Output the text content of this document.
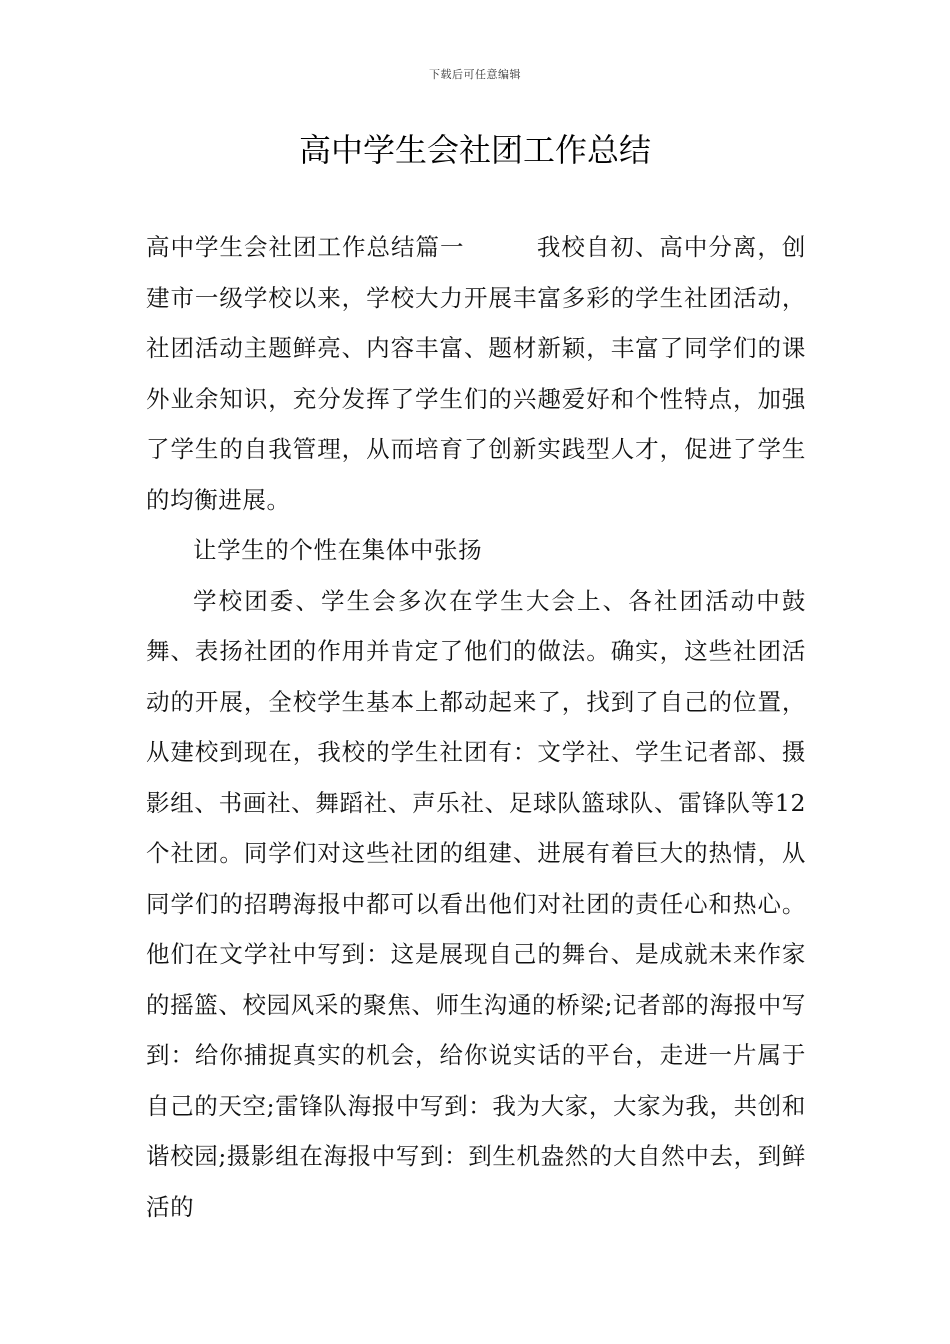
下载后可任意编辑
高中学生会社团工作总结

高中学生会社团工作总结篇一	我校自初、高中分离，创建市一级学校以来，学校大力开展丰富多彩的学生社团活动，社团活动主题鲜亮、内容丰富、题材新颖，丰富了同学们的课外业余知识，充分发挥了学生们的兴趣爱好和个性特点，加强了学生的自我管理，从而培育了创新实践型人才，促进了学生的均衡进展。

让学生的个性在集体中张扬

学校团委、学生会多次在学生大会上、各社团活动中鼓舞、表扬社团的作用并肯定了他们的做法。确实，这些社团活动的开展，全校学生基本上都动起来了，找到了自己的位置，从建校到现在，我校的学生社团有：文学社、学生记者部、摄影组、书画社、舞蹈社、声乐社、足球队篮球队、雷锋队等12个社团。同学们对这些社团的组建、进展有着巨大的热情，从同学们的招聘海报中都可以看出他们对社团的责任心和热心。他们在文学社中写到：这是展现自己的舞台、是成就未来作家的摇篮、校园风采的聚焦、师生沟通的桥梁;记者部的海报中写到：给你捕捉真实的机会，给你说实话的平台，走进一片属于自己的天空;雷锋队海报中写到：我为大家，大家为我，共创和谐校园;摄影组在海报中写到：到生机盎然的大自然中去，到鲜活的
